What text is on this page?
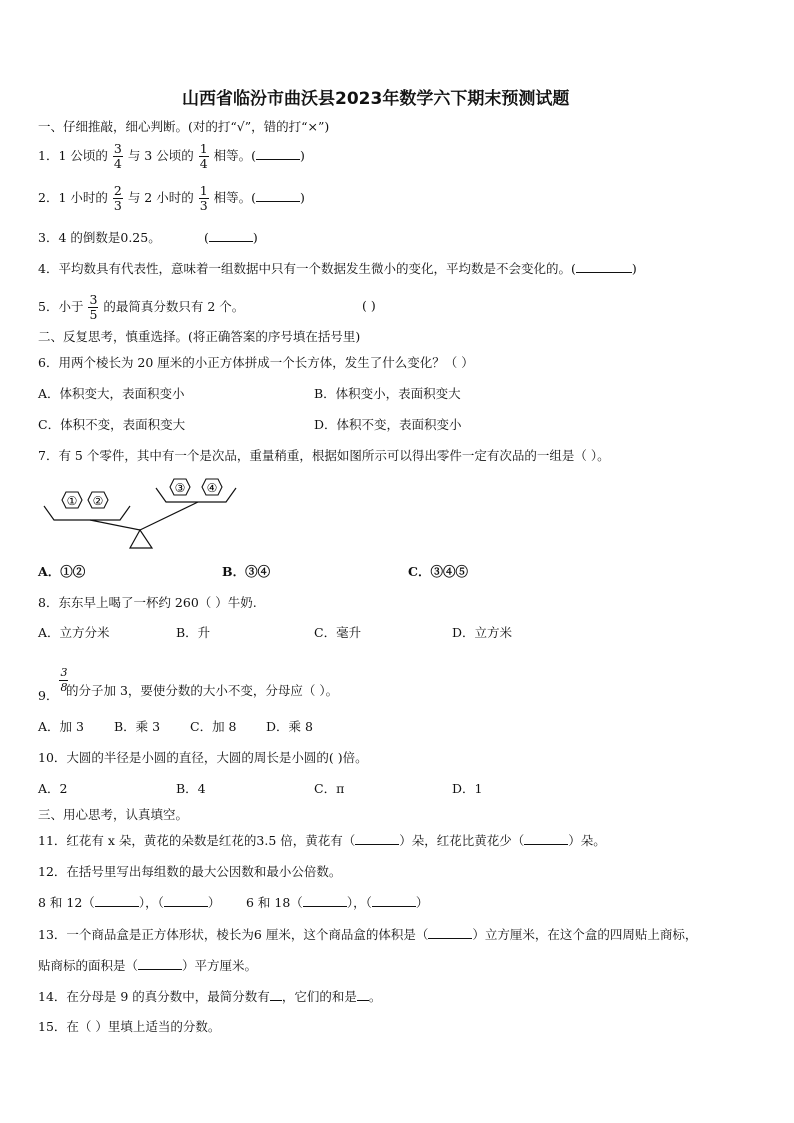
山西省临汾市曲沃县2023年数学六下期末预测试题
一、仔细推敲，细心判断。(对的打“√”，错的打“×”)
1．1 公顷的 $\frac{3}{4}$ 与 3 公顷的 $\frac{1}{4}$ 相等。(	)
2．1 小时的 $\frac{2}{3}$ 与 2 小时的 $\frac{1}{3}$ 相等。(	)
3．4 的倒数是0.25。	(	)
4．平均数具有代表性，意味着一组数据中只有一个数据发生微小的变化，平均数是不会变化的。(	)
5．小于 $\frac{3}{5}$ 的最简真分数只有 2 个。	( )
二、反复思考，慎重选择。(将正确答案的序号填在括号里)
6．用两个棱长为 20 厘米的小正方体拼成一个长方体，发生了什么变化？（ ）
A．体积变大，表面积变小	B．体积变小，表面积变大
C．体积不变，表面积变大	D．体积不变，表面积变小
7．有 5 个零件，其中有一个是次品，重量稍重，根据如图所示可以得出零件一定有次品的一组是（ ）。
① ②
③ ④
A．①②	B．③④	C．③④⑤
8．东东早上喝了一杯约 260（ ）牛奶.
A．立方分米	B．升	C．毫升	D．立方米
9．
$\frac{3}{8}$
的分子加 3，要使分数的大小不变，分母应（ ）。
A．加 3 B．乘 3 C．加 8 D．乘 8
10．大圆的半径是小圆的直径，大圆的周长是小圆的( )倍。
A．2	B．4	C．π	D．1
三、用心思考，认真填空。
11．红花有 x 朵，黄花的朵数是红花的3.5 倍，黄花有（	）朵，红花比黄花少（	）朵。
12．在括号里写出每组数的最大公因数和最小公倍数。
8 和 12（	），（	） 6 和 18（	），（	）
13．一个商品盒是正方体形状，棱长为6 厘米，这个商品盒的体积是（	）立方厘米，在这个盒的四周贴上商标，
贴商标的面积是（	）平方厘米。
14．在分母是 9 的真分数中，最简分数有 ，它们的和是 。
15．在（ ）里填上适当的分数。
